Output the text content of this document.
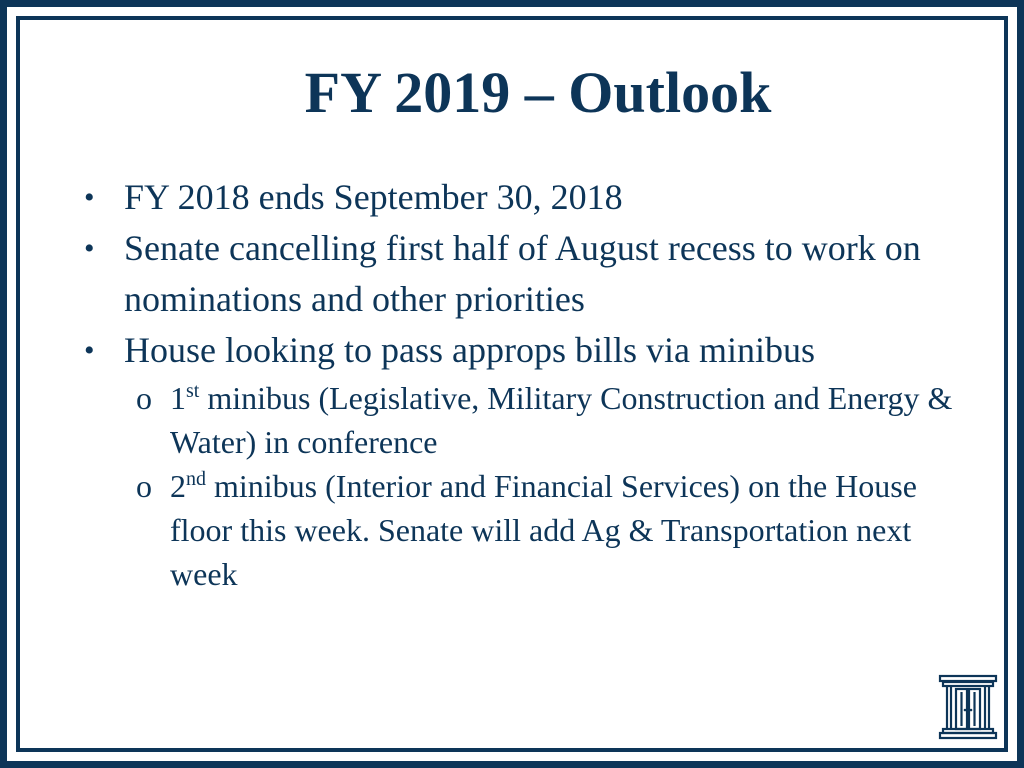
FY 2019 – Outlook
• FY 2018 ends September 30, 2018
• Senate cancelling first half of August recess to work on nominations and other priorities
• House looking to pass approps bills via minibus
o 1st minibus (Legislative, Military Construction and Energy & Water) in conference
o 2nd minibus (Interior and Financial Services) on the House floor this week. Senate will add Ag & Transportation next week
